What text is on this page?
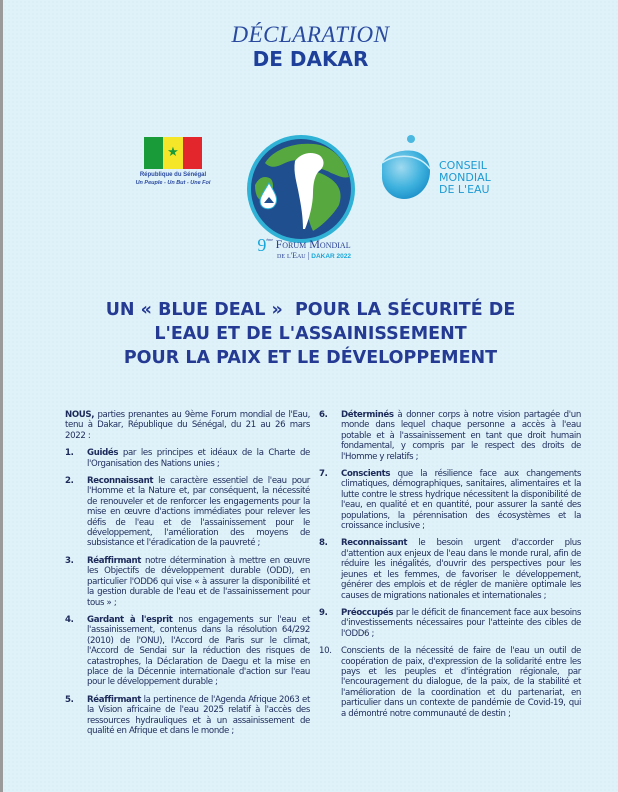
DÉCLARATION
DE DAKAR
★
République du Sénégal
Un Peuple - Un But - Une Foi	★
9ème Forum Mondial
de l'Eau | DAKAR 2022
CONSEIL
MONDIAL
DE L'EAU
UN « BLUE DEAL »  POUR LA SÉCURITÉ DE
L'EAU ET DE L'ASSAINISSEMENT
POUR LA PAIX ET LE DÉVELOPPEMENT
NOUS, parties prenantes au 9ème Forum mondial de l'Eau, tenu à Dakar, République du Sénégal, du 21 au 26 mars 2022 :
1.	Guidés par les principes et idéaux de la Charte de l'Organisation des Nations unies ;
2.	Reconnaissant le caractère essentiel de l'eau pour l'Homme et la Nature et, par conséquent, la nécessité de renouveler et de renforcer les engagements pour la mise en œuvre d'actions immédiates pour relever les défis de l'eau et de l'assainissement pour le développement, l'amélioration des moyens de subsistance et l'éradication de la pauvreté ;
3.	Réaffirmant notre détermination à mettre en œuvre les Objectifs de développement durable (ODD), en particulier l'ODD6 qui vise « à assurer la disponibilité et la gestion durable de l'eau et de l'assainissement pour tous » ;
4.	Gardant à l'esprit nos engagements sur l'eau et l'assainissement, contenus dans la résolution 64/292 (2010) de l'ONU), l'Accord de Paris sur le climat, l'Accord de Sendai sur la réduction des risques de catastrophes, la Déclaration de Daegu et la mise en place de la Décennie internationale d'action sur l'eau pour le développement durable ;
5.	Réaffirmant la pertinence de l'Agenda Afrique 2063 et la Vision africaine de l'eau 2025 relatif à l'accès des ressources hydrauliques et à un assainissement de qualité en Afrique et dans le monde ;
6.	Déterminés à donner corps à notre vision partagée d'un monde dans lequel chaque personne a accès à l'eau potable et à l'assainissement en tant que droit humain fondamental, y compris par le respect des droits de l'Homme y relatifs ;
7.	Conscients que la résilience face aux changements climatiques, démographiques, sanitaires, alimentaires et la lutte contre le stress hydrique nécessitent la disponibilité de l'eau, en qualité et en quantité, pour assurer la santé des populations, la pérennisation des écosystèmes et la croissance inclusive ;
8.	Reconnaissant le besoin urgent d'accorder plus d'attention aux enjeux de l'eau dans le monde rural, afin de réduire les inégalités, d'ouvrir des perspectives pour les jeunes et les femmes, de favoriser le développement, générer des emplois et de régler de manière optimale les causes de migrations nationales et internationales ;
9.	Préoccupés par le déficit de financement face aux besoins d'investissements nécessaires pour l'atteinte des cibles de l'ODD6 ;
10.	Conscients de la nécessité de faire de l'eau un outil de coopération de paix, d'expression de la solidarité entre les pays et les peuples et d'intégration régionale, par l'encouragement du dialogue, de la paix, de la stabilité et l'amélioration de la coordination et du partenariat, en particulier dans un contexte de pandémie de Covid-19, qui a démontré notre communauté de destin ;
